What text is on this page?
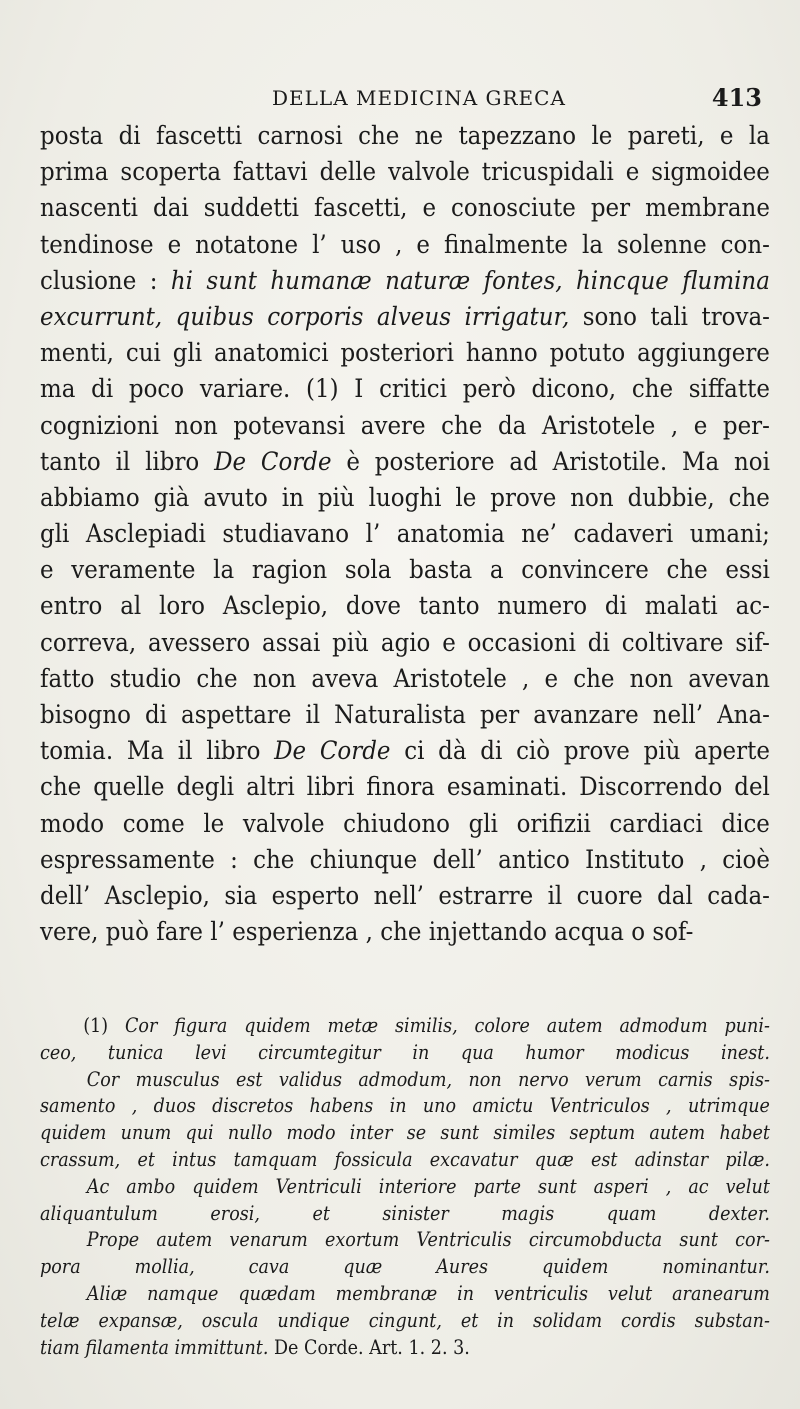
DELLA MEDICINA GRECA	413
posta di fascetti carnosi che ne tapezzano le pareti, e la
prima scoperta fattavi delle valvole tricuspidali e sigmoidee
nascenti dai suddetti fascetti, e conosciute per membrane
tendinose e notatone l’ uso , e finalmente la solenne con-
clusione : hi sunt humanæ naturæ fontes, hincque flumina
excurrunt, quibus corporis alveus irrigatur, sono tali trova-
menti, cui gli anatomici posteriori hanno potuto aggiungere
ma di poco variare. (1) I critici però dicono, che siffatte
cognizioni non potevansi avere che da Aristotele , e per-
tanto il libro De Corde è posteriore ad Aristotile. Ma noi
abbiamo già avuto in più luoghi le prove non dubbie, che
gli Asclepiadi studiavano l’ anatomia ne’ cadaveri umani;
e veramente la ragion sola basta a convincere che essi
entro al loro Asclepio, dove tanto numero di malati ac-
correva, avessero assai più agio e occasioni di coltivare sif-
fatto studio che non aveva Aristotele , e che non avevan
bisogno di aspettare il Naturalista per avanzare nell’ Ana-
tomia. Ma il libro De Corde ci dà di ciò prove più aperte
che quelle degli altri libri finora esaminati. Discorrendo del
modo come le valvole chiudono gli orifizii cardiaci dice
espressamente : che chiunque dell’ antico Instituto , cioè
dell’ Asclepio, sia esperto nell’ estrarre il cuore dal cada-
vere, può fare l’ esperienza , che injettando acqua o sof-
(1) Cor figura quidem metæ similis, colore autem admodum puni-
ceo, tunica levi circumtegitur in qua humor modicus inest.
Cor musculus est validus admodum, non nervo verum carnis spis-
samento , duos discretos habens in uno amictu Ventriculos , utrimque
quidem unum qui nullo modo inter se sunt similes septum autem habet
crassum, et intus tamquam fossicula excavatur quæ est adinstar pilæ.
Ac ambo quidem Ventriculi interiore parte sunt asperi , ac velut
aliquantulum erosi, et sinister magis quam dexter.
Prope autem venarum exortum Ventriculis circumobducta sunt cor-
pora mollia, cava quæ Aures quidem nominantur.
Aliæ namque quædam membranæ in ventriculis velut aranearum
telæ expansæ, oscula undique cingunt, et in solidam cordis substan-
tiam filamenta immittunt. De Corde. Art. 1. 2. 3.
